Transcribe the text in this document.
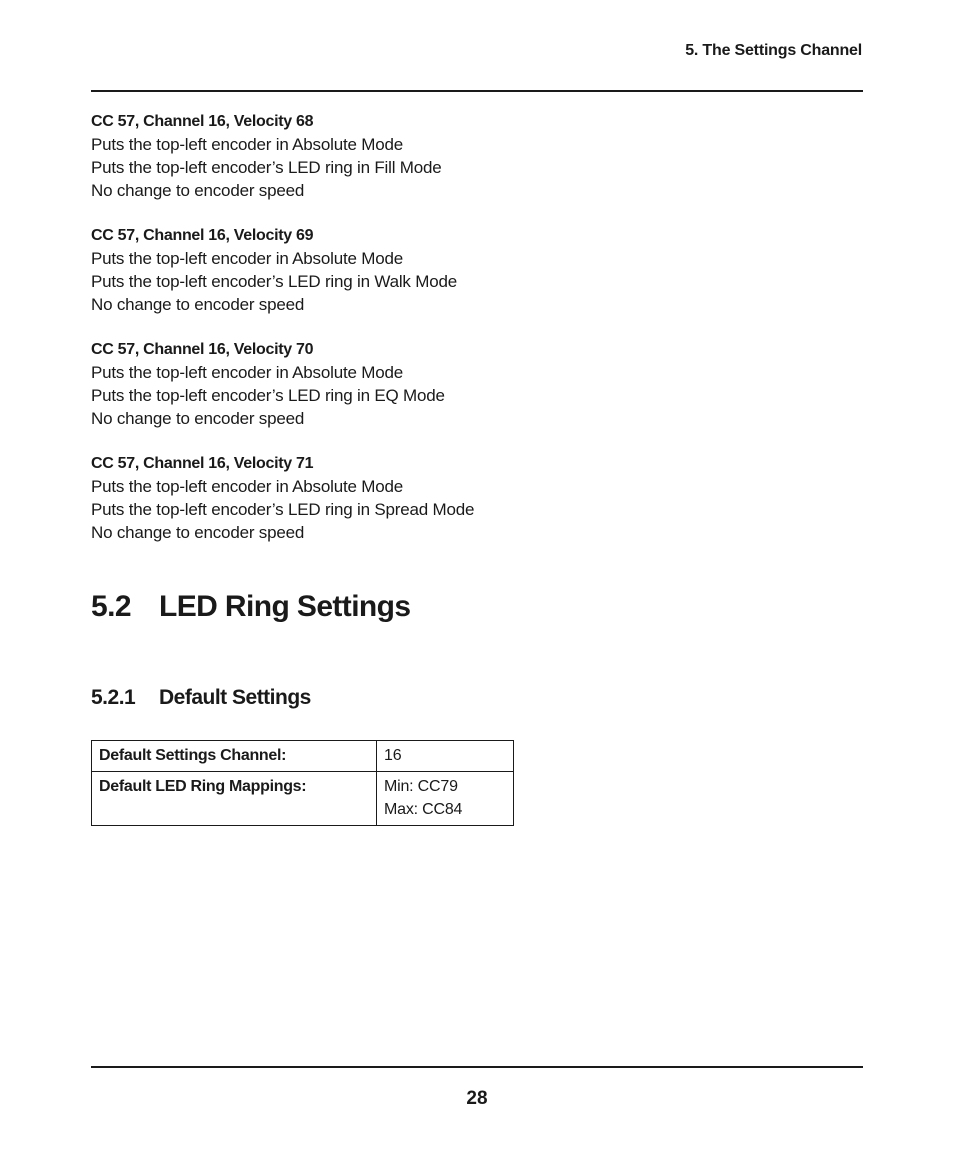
5. The Settings Channel
CC 57, Channel 16, Velocity 68
Puts the top-left encoder in Absolute Mode
Puts the top-left encoder’s LED ring in Fill Mode
No change to encoder speed
CC 57, Channel 16, Velocity 69
Puts the top-left encoder in Absolute Mode
Puts the top-left encoder’s LED ring in Walk Mode
No change to encoder speed
CC 57, Channel 16, Velocity 70
Puts the top-left encoder in Absolute Mode
Puts the top-left encoder’s LED ring in EQ Mode
No change to encoder speed
CC 57, Channel 16, Velocity 71
Puts the top-left encoder in Absolute Mode
Puts the top-left encoder’s LED ring in Spread Mode
No change to encoder speed
5.2 LED Ring Settings
5.2.1 Default Settings
Default Settings Channel:	16

Default LED Ring Mappings:	Min: CC79
Max: CC84
28
